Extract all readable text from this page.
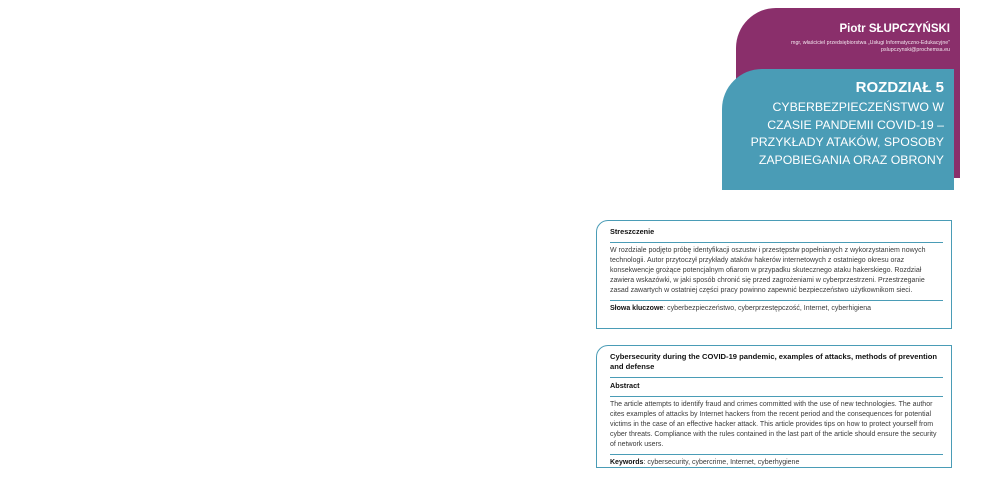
Piotr SŁUPCZYŃSKI
mgr, właściciel przedsiębiorstwa „Usługi Informatyczno-Edukacyjne”
pslupczynski@prochemsa.eu
ROZDZIAŁ 5
CYBERBEZPIECZEŃSTWO W CZASIE PANDEMII COVID-19 – PRZYKŁADY ATAKÓW, SPOSOBY ZAPOBIEGANIA ORAZ OBRONY
Streszczenie

W rozdziale podjęto próbę identyfikacji oszustw i przestępstw popełnianych z wykorzystaniem nowych technologii. Autor przytoczył przykłady ataków hakerów internetowych z ostatniego okresu oraz konsekwencje grożące potencjalnym ofiarom w przypadku skutecznego ataku hakerskiego. Rozdział zawiera wskazówki, w jaki sposób chronić się przed zagrożeniami w cyberprzestrzeni. Przestrzeganie zasad zawartych w ostatniej części pracy powinno zapewnić bezpieczeństwo użytkownikom sieci.

Słowa kluczowe: cyberbezpieczeństwo, cyberprzestępczość, Internet, cyberhigiena

Cybersecurity during the COVID-19 pandemic, examples of attacks, methods of prevention and defense
Abstract

The article attempts to identify fraud and crimes committed with the use of new technologies. The author cites examples of attacks by Internet hackers from the recent period and the consequences for potential victims in the case of an effective hacker attack. This article provides tips on how to protect yourself from cyber threats. Compliance with the rules contained in the last part of the article should ensure the security of network users.

Keywords: cybersecurity, cybercrime, Internet, cyberhygiene
